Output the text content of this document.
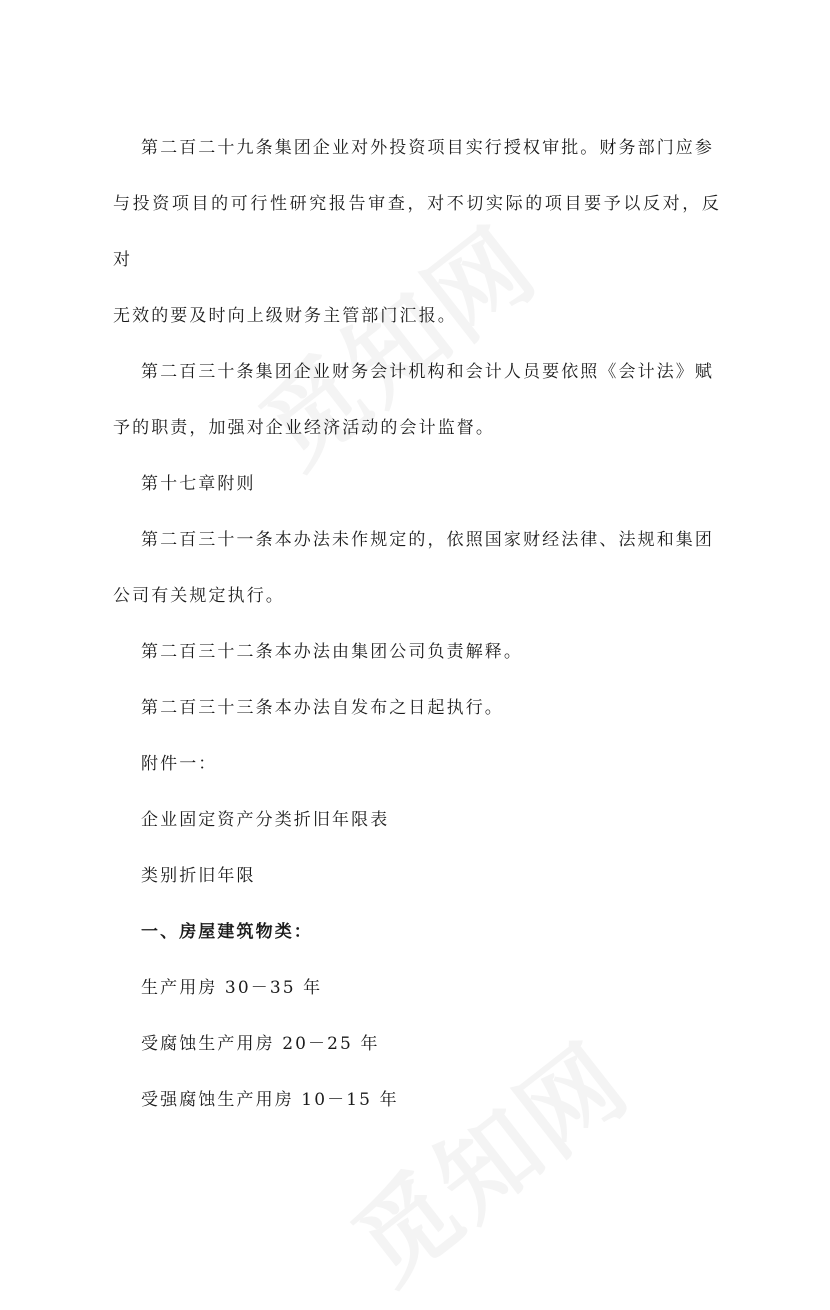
第二百二十九条集团企业对外投资项目实行授权审批。财务部门应参

与投资项目的可行性研究报告审查，对不切实际的项目要予以反对，反对

无效的要及时向上级财务主管部门汇报。

第二百三十条集团企业财务会计机构和会计人员要依照《会计法》赋

予的职责，加强对企业经济活动的会计监督。

第十七章附则

第二百三十一条本办法未作规定的，依照国家财经法律、法规和集团

公司有关规定执行。

第二百三十二条本办法由集团公司负责解释。

第二百三十三条本办法自发布之日起执行。

附件一：

企业固定资产分类折旧年限表

类别折旧年限

一、房屋建筑物类：

生产用房 30－35 年

受腐蚀生产用房 20－25 年

受强腐蚀生产用房 10－15 年
